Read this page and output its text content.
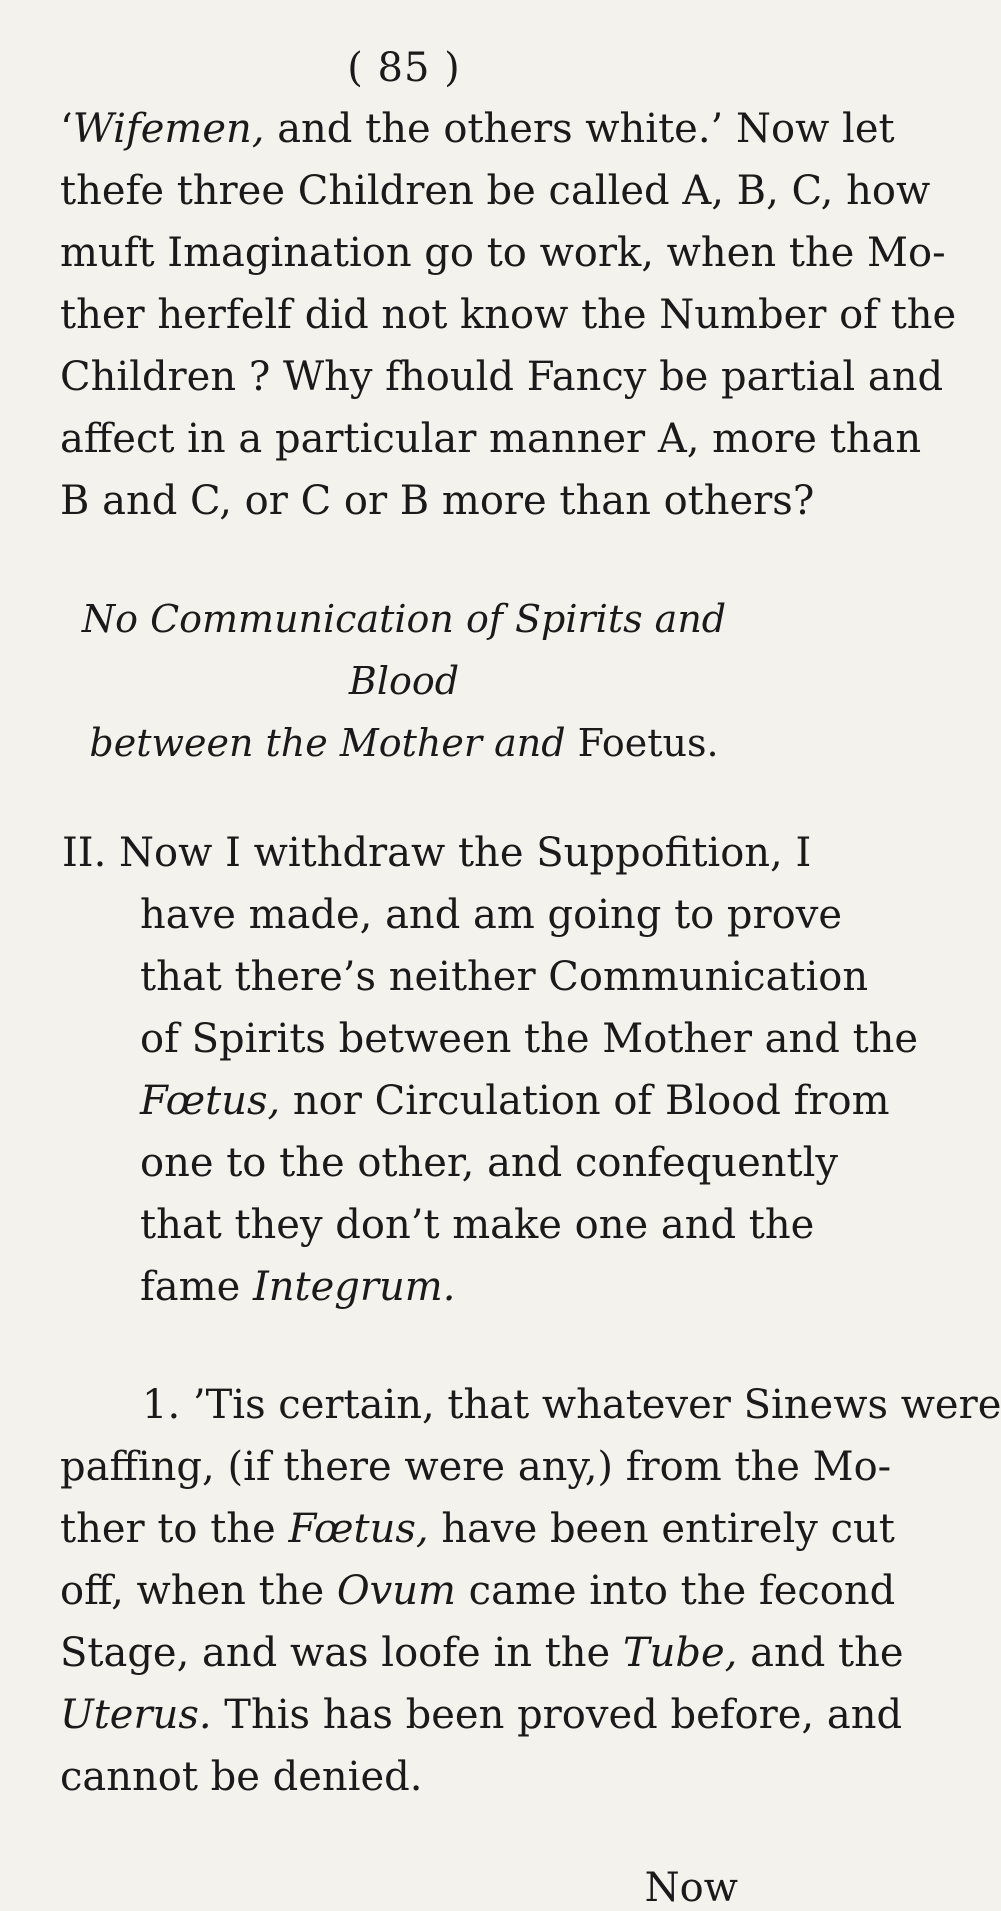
( 85 )
‘Wifemen, and the others white.’ Now let
thefe three Children be called A, B, C, how
muft Imagination go to work, when the Mo-
ther herfelf did not know the Number of the
Children ? Why fhould Fancy be partial and
affect in a particular manner A, more than
B and C, or C or B more than others?
No Communication of Spirits and Blood
between the Mother and Foetus.
II. Now I withdraw the Suppofition, I
have made, and am going to prove
that there’s neither Communication
of Spirits between the Mother and the
Fœtus, nor Circulation of Blood from
one to the other, and confequently
that they don’t make one and the
fame Integrum.
1. ’Tis certain, that whatever Sinews were
paffing, (if there were any,) from the Mo-
ther to the Fœtus, have been entirely cut
off, when the Ovum came into the fecond
Stage, and was loofe in the Tube, and the
Uterus. This has been proved before, and
cannot be denied.
Now
